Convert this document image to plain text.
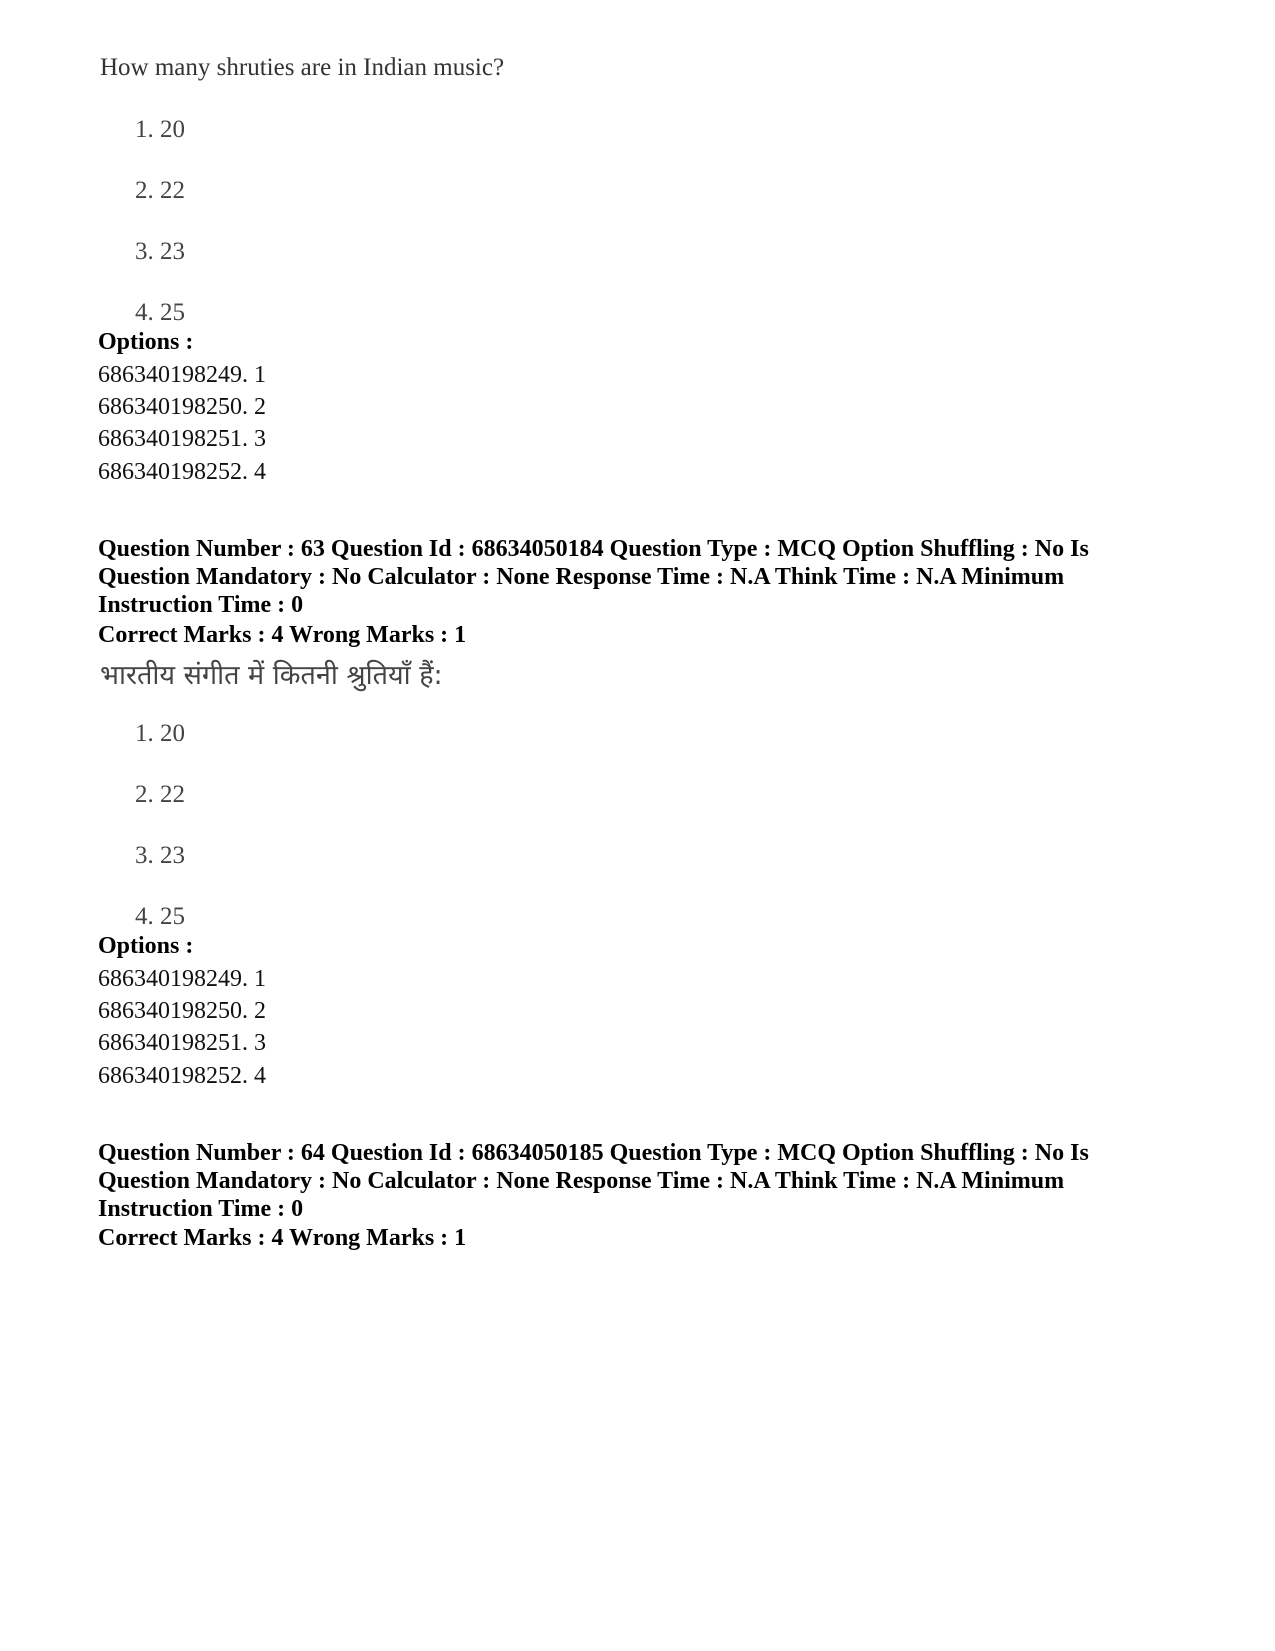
How many shruties are in Indian music?
1. 20
2. 22
3. 23
4. 25
Options :
686340198249. 1
686340198250. 2
686340198251. 3
686340198252. 4
Question Number : 63 Question Id : 68634050184 Question Type : MCQ Option Shuffling : No Is
Question Mandatory : No Calculator : None Response Time : N.A Think Time : N.A Minimum
Instruction Time : 0
Correct Marks : 4 Wrong Marks : 1
भारतीय संगीत में कितनी श्रुतियाँ हैं:
1. 20
2. 22
3. 23
4. 25
Options :
686340198249. 1
686340198250. 2
686340198251. 3
686340198252. 4
Question Number : 64 Question Id : 68634050185 Question Type : MCQ Option Shuffling : No Is
Question Mandatory : No Calculator : None Response Time : N.A Think Time : N.A Minimum
Instruction Time : 0
Correct Marks : 4 Wrong Marks : 1
